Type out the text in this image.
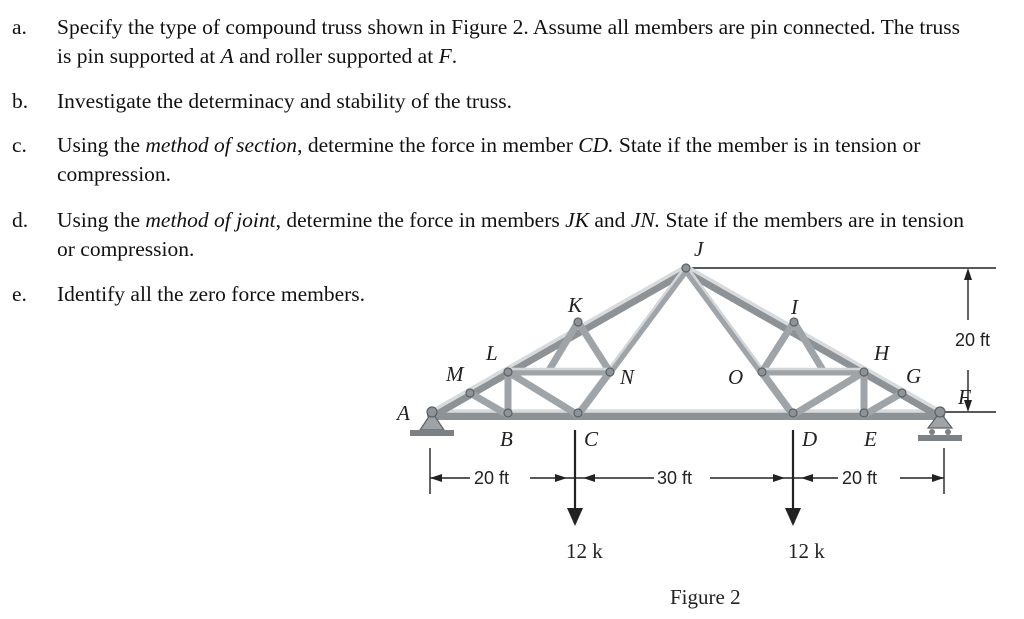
a. Specify the type of compound truss shown in Figure 2. Assume all members are pin connected. The truss is pin supported at A and roller supported at F.
b. Investigate the determinacy and stability of the truss.
c. Using the method of section, determine the force in member CD. State if the member is in tension or compression.
d. Using the method of joint, determine the force in members JK and JN. State if the members are in tension or compression.
e. Identify all the zero force members.
A
B	C	D E
F
G
H
I
J
K
L
M	N	O
20 ft	30 ft	20 ft
20 ft
12 k	12 k
Figure 2
